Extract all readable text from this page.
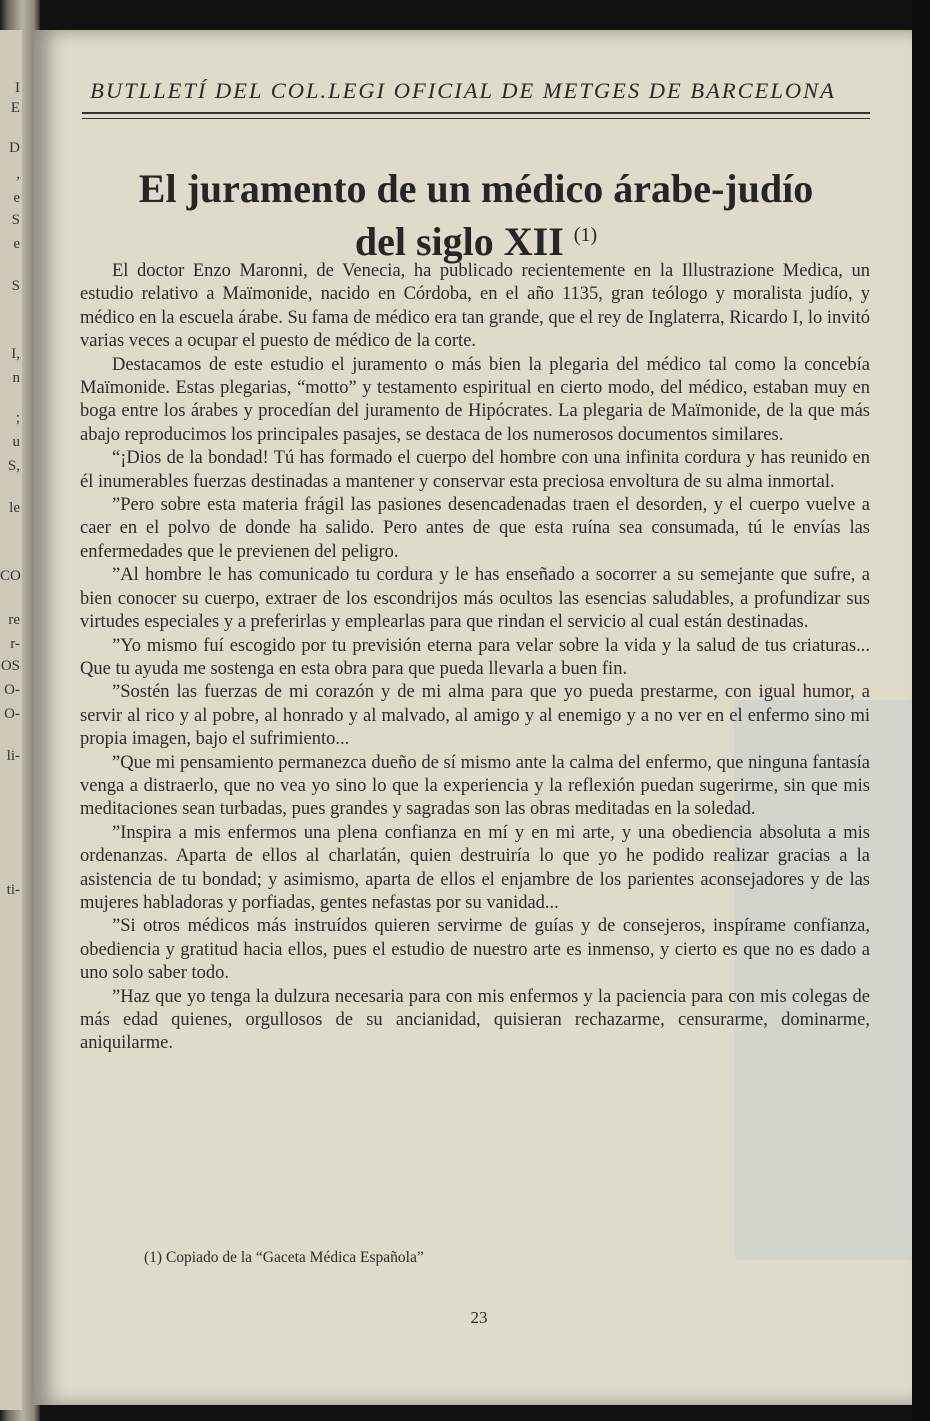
I
E
D
,
e
S
e
S
I,
n
;
u
S,
le
CO
re
r-
OS
O-
O-
li-
ti-
BUTLLETÍ DEL COL.LEGI OFICIAL DE METGES DE BARCELONA
El juramento de un médico árabe-judío
del siglo XII $^{(1)}$

El doctor Enzo Maronni, de Venecia, ha publicado recientemente en la Illustrazione Medica, un estudio relativo a Maïmonide, nacido en Córdoba, en el año 1135, gran teólogo y moralista judío, y médico en la escuela árabe. Su fama de médico era tan grande, que el rey de Inglaterra, Ricardo I, lo invitó varias veces a ocupar el puesto de médico de la corte.

Destacamos de este estudio el juramento o más bien la plegaria del médico tal como la concebía Maïmonide. Estas plegarias, “motto” y testamento espiritual en cierto modo, del médico, estaban muy en boga entre los árabes y procedían del juramento de Hipócrates. La plegaria de Maïmonide, de la que más abajo reproducimos los principales pasajes, se destaca de los numerosos documentos similares.

“¡Dios de la bondad! Tú has formado el cuerpo del hombre con una infinita cordura y has reunido en él inumerables fuerzas destinadas a mantener y conservar esta preciosa envoltura de su alma inmortal.

”Pero sobre esta materia frágil las pasiones desencadenadas traen el desorden, y el cuerpo vuelve a caer en el polvo de donde ha salido. Pero antes de que esta ruína sea consumada, tú le envías las enfermedades que le previenen del peligro.

”Al hombre le has comunicado tu cordura y le has enseñado a socorrer a su semejante que sufre, a bien conocer su cuerpo, extraer de los escondrijos más ocultos las esencias saludables, a profundizar sus virtudes especiales y a preferirlas y emplearlas para que rindan el servicio al cual están destinadas.

”Yo mismo fuí escogido por tu previsión eterna para velar sobre la vida y la salud de tus criaturas... Que tu ayuda me sostenga en esta obra para que pueda llevarla a buen fin.

”Sostén las fuerzas de mi corazón y de mi alma para que yo pueda prestarme, con igual humor, a servir al rico y al pobre, al honrado y al malvado, al amigo y al enemigo y a no ver en el enfermo sino mi propia imagen, bajo el sufrimiento...

”Que mi pensamiento permanezca dueño de sí mismo ante la calma del enfermo, que ninguna fantasía venga a distraerlo, que no vea yo sino lo que la experiencia y la reflexión puedan sugerirme, sin que mis meditaciones sean turbadas, pues grandes y sagradas son las obras meditadas en la soledad.

”Inspira a mis enfermos una plena confianza en mí y en mi arte, y una obediencia absoluta a mis ordenanzas. Aparta de ellos al charlatán, quien destruiría lo que yo he podido realizar gracias a la asistencia de tu bondad; y asimismo, aparta de ellos el enjambre de los parientes aconsejadores y de las mujeres habladoras y porfiadas, gentes nefastas por su vanidad...

”Si otros médicos más instruídos quieren servirme de guías y de consejeros, inspírame confianza, obediencia y gratitud hacia ellos, pues el estudio de nuestro arte es inmenso, y cierto es que no es dado a uno solo saber todo.

”Haz que yo tenga la dulzura necesaria para con mis enfermos y la paciencia para con mis colegas de más edad quienes, orgullosos de su ancianidad, quisieran rechazarme, censurarme, dominarme, aniquilarme.

(1) Copiado de la “Gaceta Médica Española”
23
